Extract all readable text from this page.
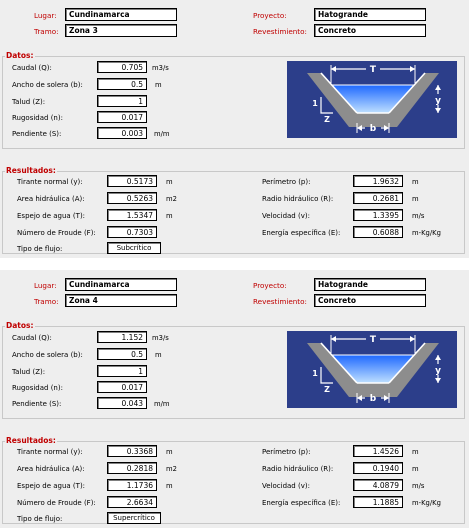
Lugar:	Cundinamarca
Tramo:	Zona 3
Proyecto:	Hatogrande
Revestimiento:	Concreto
Datos:
Caudal (Q):	0.705	m3/s
Ancho de solera (b):	0.5	m
Talud (Z):	1
Rugosidad (n):	0.017
Pendiente (S):	0.003	m/m
T
y
b
1
Z
Resultados:
Tirante normal (y):	0.5173	m
Area hidráulica (A):	0.5263	m2
Espejo de agua (T):	1.5347	m
Número de Froude (F):	0.7303
Tipo de flujo:	Subcrítico
Perímetro (p):	1.9632	m
Radio hidráulico (R):	0.2681	m
Velocidad (v):	1.3395	m/s
Energía específica (E):	0.6088	m-Kg/Kg
Lugar:	Cundinamarca
Tramo:	Zona 4
Proyecto:	Hatogrande
Revestimiento:	Concreto
Datos:
Caudal (Q):	1.152	m3/s
Ancho de solera (b):	0.5	m
Talud (Z):	1
Rugosidad (n):	0.017
Pendiente (S):	0.043	m/m
T
y
b
1
Z
Resultados:
Tirante normal (y):	0.3368	m
Area hidráulica (A):	0.2818	m2
Espejo de agua (T):	1.1736	m
Número de Froude (F):	2.6634
Tipo de flujo:	Supercrítico
Perímetro (p):	1.4526	m
Radio hidráulico (R):	0.1940	m
Velocidad (v):	4.0879	m/s
Energía específica (E):	1.1885	m-Kg/Kg
